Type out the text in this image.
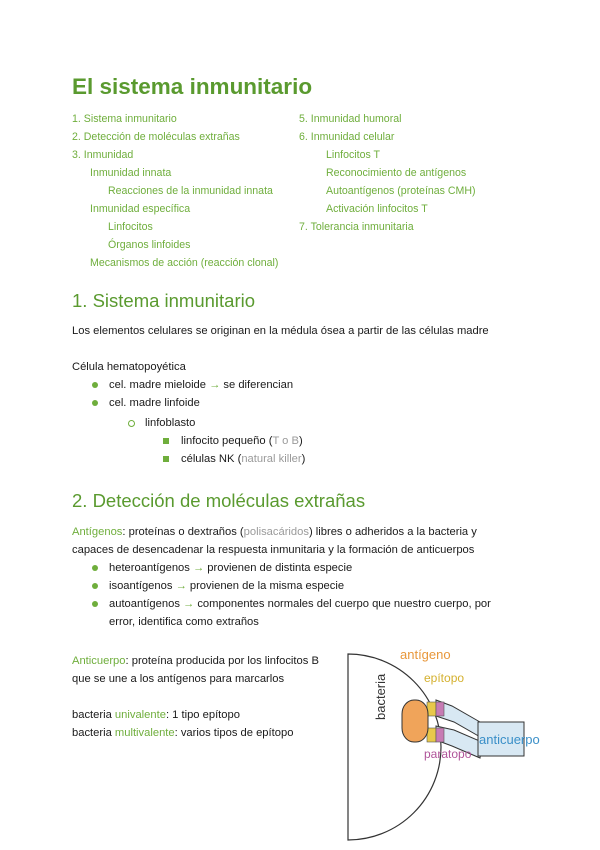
El sistema inmunitario
1. Sistema inmunitario
2. Detección de moléculas extrañas
3. Inmunidad
Inmunidad innata
Reacciones de la inmunidad innata
Inmunidad específica
Linfocitos
Órganos linfoides
Mecanismos de acción (reacción clonal)
5. Inmunidad humoral
6. Inmunidad celular
Linfocitos T
Reconocimiento de antígenos
Autoantígenos (proteínas CMH)
Activación linfocitos T
7. Tolerancia inmunitaria
1. Sistema inmunitario
Los elementos celulares se originan en la médula ósea a partir de las células madre
Célula hematopoyética
cel. madre mieloide → se diferencian
cel. madre linfoide
linfoblasto
linfocito pequeño (T o B)
células NK (natural killer)
2. Detección de moléculas extrañas
Antígenos: proteínas o dextraños (polisacáridos) libres o adheridos a la bacteria y
capaces de desencadenar la respuesta inmunitaria y la formación de anticuerpos
heteroantígenos → provienen de distinta especie
isoantígenos → provienen de la misma especie
autoantígenos → componentes normales del cuerpo que nuestro cuerpo, por
error, identifica como extraños
Anticuerpo: proteína producida por los linfocitos B
que se une a los antígenos para marcarlos
bacteria univalente: 1 tipo epítopo
bacteria multivalente: varios tipos de epítopo
bacteria
antígeno
epítopo
anticuerpo
paratopo
